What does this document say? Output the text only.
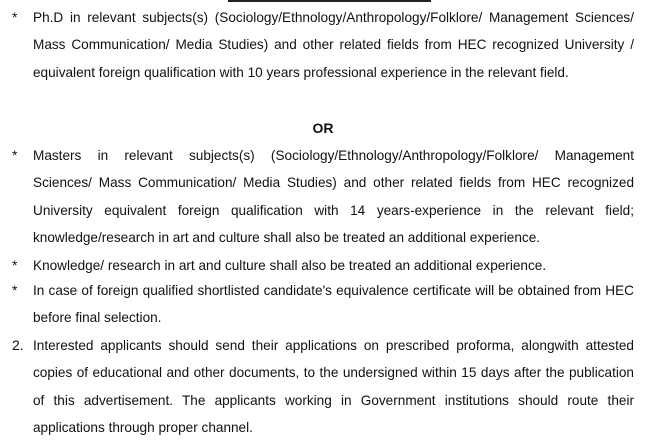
* Ph.D in relevant subjects(s) (Sociology/Ethnology/Anthropology/Folklore/ Management Sciences/ Mass Communication/ Media Studies) and other related fields from HEC recognized University / equivalent foreign qualification with 10 years professional experience in the relevant field.
OR
* Masters in relevant subjects(s) (Sociology/Ethnology/Anthropology/Folklore/ Management Sciences/ Mass Communication/ Media Studies) and other related fields from HEC recognized University equivalent foreign qualification with 14 years-experience in the relevant field; knowledge/research in art and culture shall also be treated an additional experience.
* Knowledge/ research in art and culture shall also be treated an additional experience.
* In case of foreign qualified shortlisted candidate's equivalence certificate will be obtained from HEC before final selection.
2. Interested applicants should send their applications on prescribed proforma, alongwith attested copies of educational and other documents, to the undersigned within 15 days after the publication of this advertisement. The applicants working in Government institutions should route their applications through proper channel.
